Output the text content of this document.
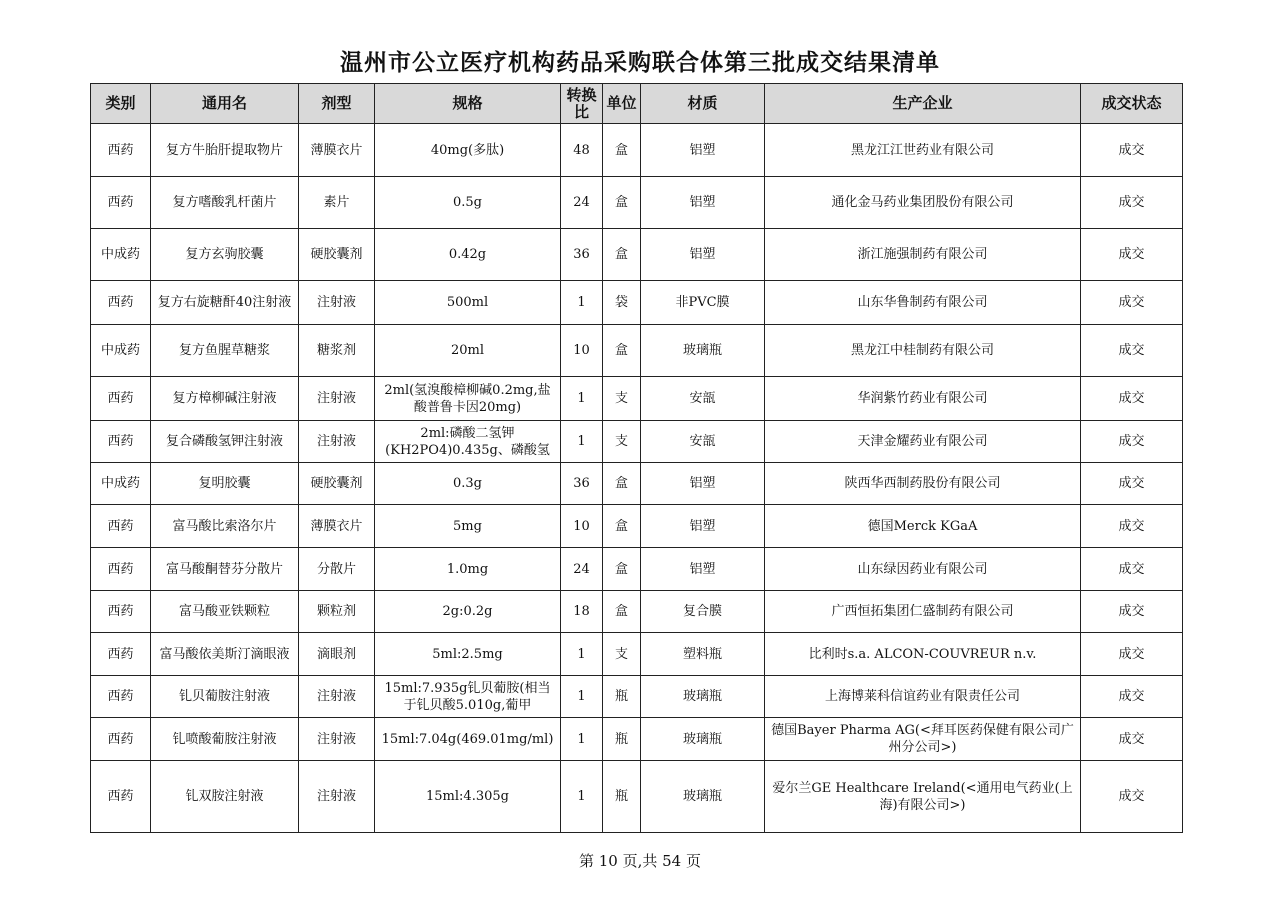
温州市公立医疗机构药品采购联合体第三批成交结果清单
类别	通用名	剂型	规格	转换比	单位	材质	生产企业	成交状态
西药	复方牛胎肝提取物片	薄膜衣片	40mg(多肽)	48	盒	铝塑	黑龙江江世药业有限公司	成交
西药	复方嗜酸乳杆菌片	素片	0.5g	24	盒	铝塑	通化金马药业集团股份有限公司	成交
中成药	复方玄驹胶囊	硬胶囊剂	0.42g	36	盒	铝塑	浙江施强制药有限公司	成交
西药	复方右旋糖酐40注射液	注射液	500ml	1	袋	非PVC膜	山东华鲁制药有限公司	成交
中成药	复方鱼腥草糖浆	糖浆剂	20ml	10	盒	玻璃瓶	黑龙江中桂制药有限公司	成交
西药	复方樟柳碱注射液	注射液	2ml(氢溴酸樟柳碱0.2mg,盐酸普鲁卡因20mg)	1	支	安瓿	华润紫竹药业有限公司	成交
西药	复合磷酸氢钾注射液	注射液	2ml:磷酸二氢钾(KH2PO4)0.435g、磷酸氢	1	支	安瓿	天津金耀药业有限公司	成交
中成药	复明胶囊	硬胶囊剂	0.3g	36	盒	铝塑	陕西华西制药股份有限公司	成交
西药	富马酸比索洛尔片	薄膜衣片	5mg	10	盒	铝塑	德国Merck KGaA	成交
西药	富马酸酮替芬分散片	分散片	1.0mg	24	盒	铝塑	山东绿因药业有限公司	成交
西药	富马酸亚铁颗粒	颗粒剂	2g:0.2g	18	盒	复合膜	广西恒拓集团仁盛制药有限公司	成交
西药	富马酸依美斯汀滴眼液	滴眼剂	5ml:2.5mg	1	支	塑料瓶	比利时s.a. ALCON-COUVREUR n.v.	成交
西药	钆贝葡胺注射液	注射液	15ml:7.935g钆贝葡胺(相当于钆贝酸5.010g,葡甲	1	瓶	玻璃瓶	上海博莱科信谊药业有限责任公司	成交
西药	钆喷酸葡胺注射液	注射液	15ml:7.04g(469.01mg/ml)	1	瓶	玻璃瓶	德国Bayer Pharma AG(<拜耳医药保健有限公司广州分公司>)	成交
西药	钆双胺注射液	注射液	15ml:4.305g	1	瓶	玻璃瓶	爱尔兰GE Healthcare Ireland(<通用电气药业(上海)有限公司>)	成交
第 10 页,共 54 页
